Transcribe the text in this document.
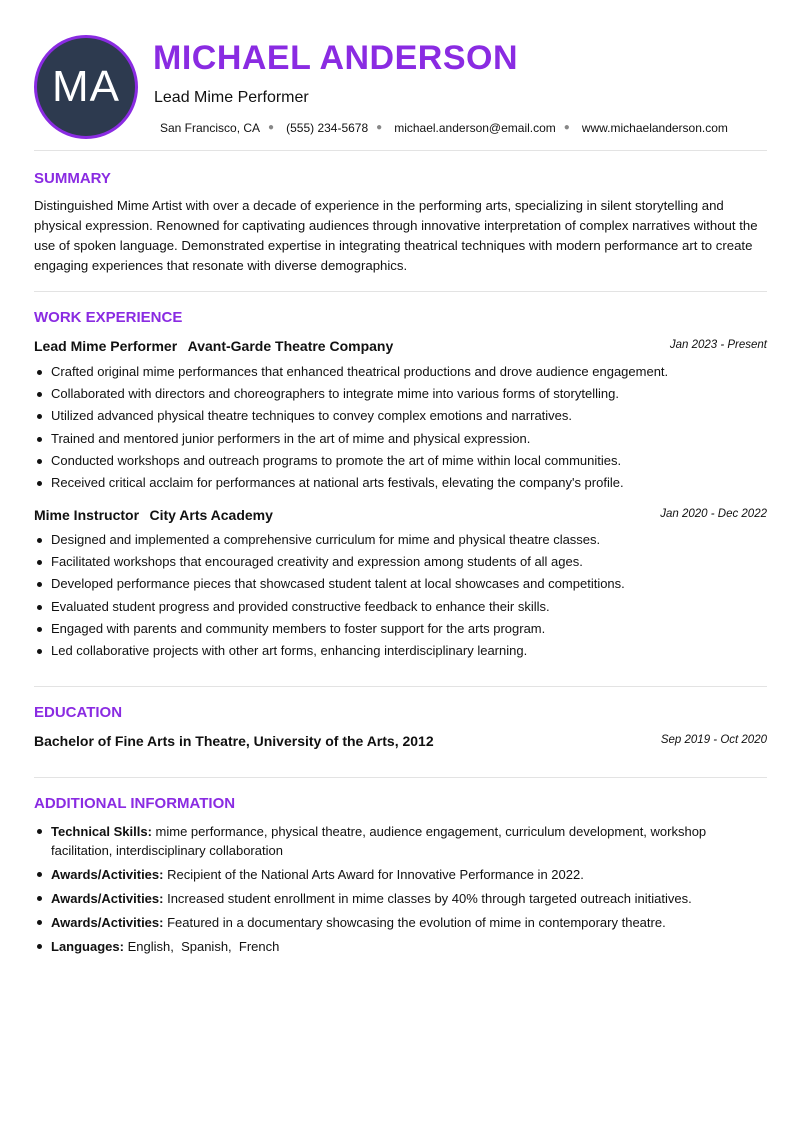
MA
MICHAEL ANDERSON
Lead Mime Performer
San Francisco, CA ● (555) 234-5678 ● michael.anderson@email.com ● www.michaelanderson.com
SUMMARY

Distinguished Mime Artist with over a decade of experience in the performing arts, specializing in silent storytelling and physical expression. Renowned for captivating audiences through innovative interpretation of complex narratives without the use of spoken language. Demonstrated expertise in integrating theatrical techniques with modern performance art to create engaging experiences that resonate with diverse demographics.

WORK EXPERIENCE
Lead Mime Performer Avant-Garde Theatre Company	Jan 2023 - Present
Crafted original mime performances that enhanced theatrical productions and drove audience engagement.
Collaborated with directors and choreographers to integrate mime into various forms of storytelling.
Utilized advanced physical theatre techniques to convey complex emotions and narratives.
Trained and mentored junior performers in the art of mime and physical expression.
Conducted workshops and outreach programs to promote the art of mime within local communities.
Received critical acclaim for performances at national arts festivals, elevating the company's profile.
Mime Instructor City Arts Academy	Jan 2020 - Dec 2022
Designed and implemented a comprehensive curriculum for mime and physical theatre classes.
Facilitated workshops that encouraged creativity and expression among students of all ages.
Developed performance pieces that showcased student talent at local showcases and competitions.
Evaluated student progress and provided constructive feedback to enhance their skills.
Engaged with parents and community members to foster support for the arts program.
Led collaborative projects with other art forms, enhancing interdisciplinary learning.
EDUCATION
Bachelor of Fine Arts in Theatre, University of the Arts, 2012	Sep 2019 - Oct 2020
ADDITIONAL INFORMATION
Technical Skills: mime performance, physical theatre, audience engagement, curriculum development, workshop facilitation, interdisciplinary collaboration
Awards/Activities: Recipient of the National Arts Award for Innovative Performance in 2022.
Awards/Activities: Increased student enrollment in mime classes by 40% through targeted outreach initiatives.
Awards/Activities: Featured in a documentary showcasing the evolution of mime in contemporary theatre.
Languages: English,  Spanish,  French
